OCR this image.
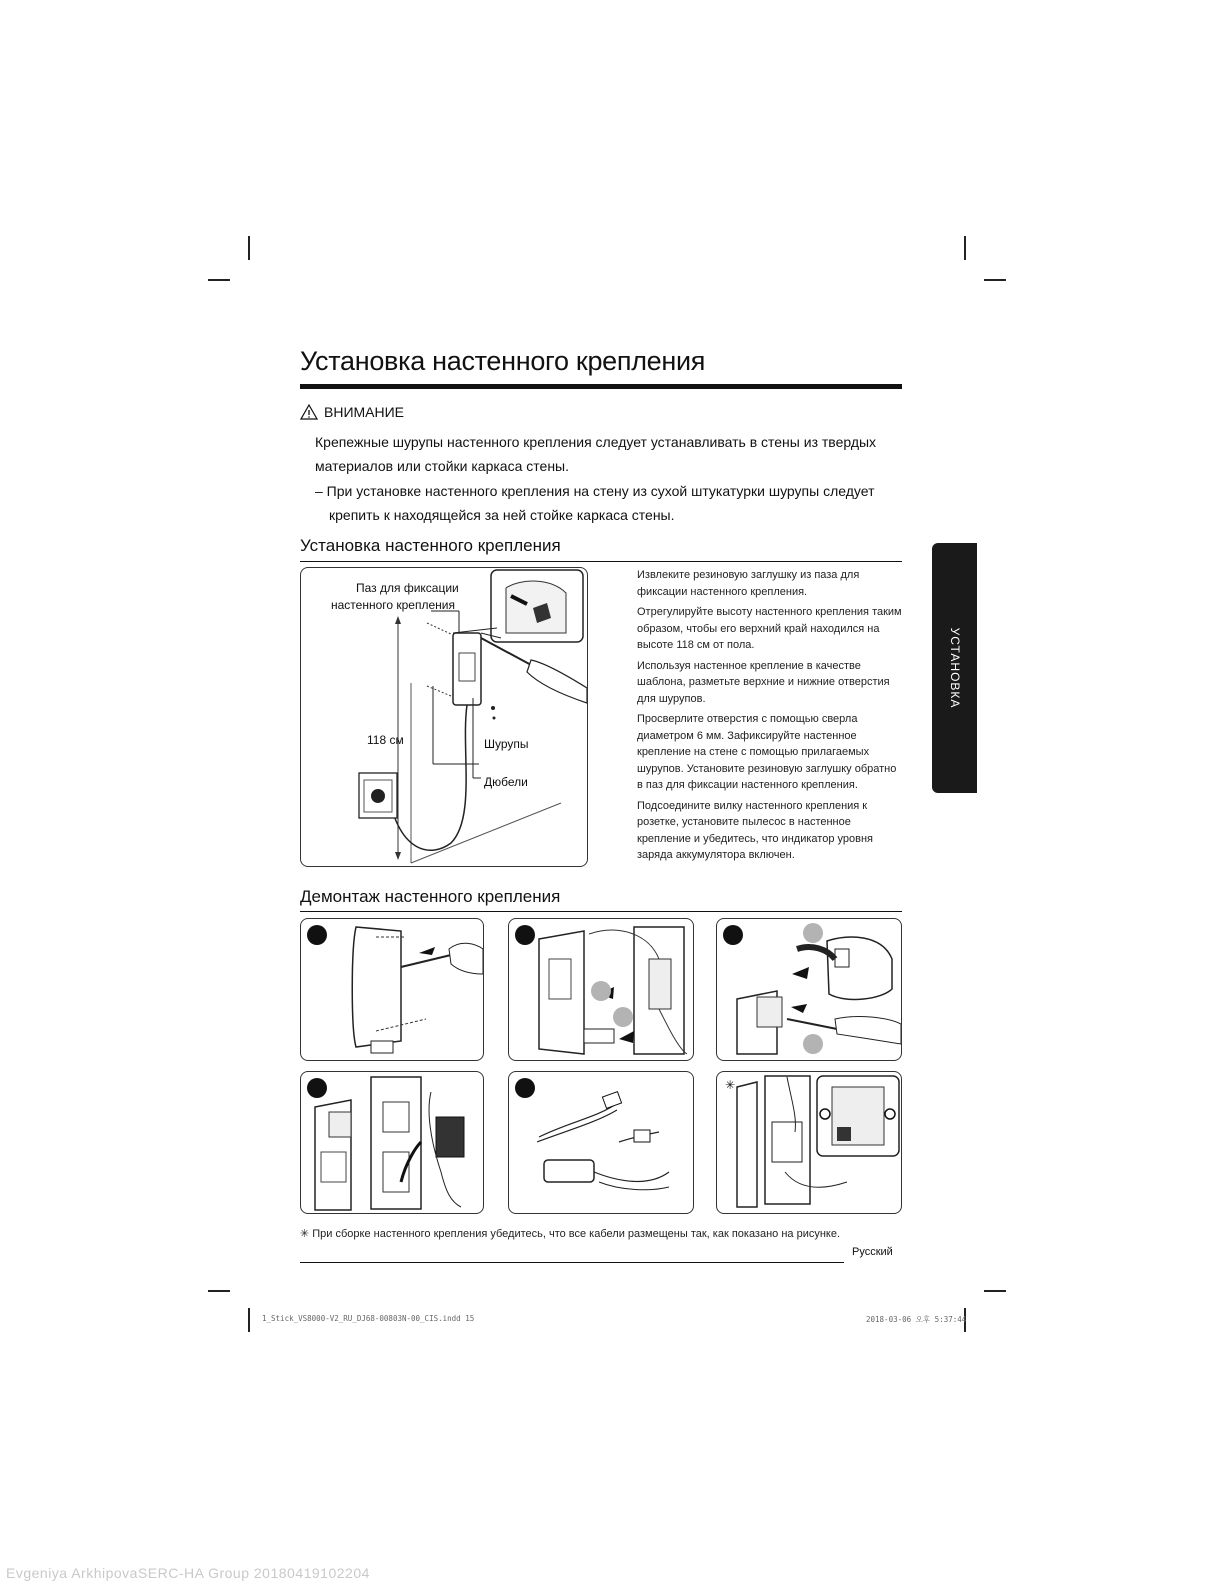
Установка настенного крепления
ВНИМАНИЕ
Крепежные шурупы настенного крепления следует устанавливать в стены из твердых
материалов или стойки каркаса стены.
– При установке настенного крепления на стену из сухой штукатурки шурупы следует
крепить к находящейся за ней стойке каркаса стены.
УСТАНОВКА
Установка настенного крепления
Паз для фиксации
настенного крепления
118 см	Шурупы
Дюбели

Извлеките резиновую заглушку из паза для фиксации настенного крепления.

Отрегулируйте высоту настенного крепления таким образом, чтобы его верхний край находился на высоте 118 см от пола.

Используя настенное крепление в качестве шаблона, разметьте верхние и нижние отверстия для шурупов.

Просверлите отверстия с помощью сверла диаметром 6 мм. Зафиксируйте настенное крепление на стене с помощью прилагаемых шурупов. Установите резиновую заглушку обратно в паз для фиксации настенного крепления.

Подсоедините вилку настенного крепления к розетке, установите пылесос в настенное крепление и убедитесь, что индикатор уровня заряда аккумулятора включен.

Демонтаж настенного крепления
✳
✳ При сборке настенного крепления убедитесь, что все кабели размещены так, как показано на рисунке.
Русский
1_Stick_VS8000-V2_RU_DJ68-00803N-00_CIS.indd 15	2018-03-06 오후 5:37:44
Evgeniya ArkhipovaSERC-HA Group 20180419102204
